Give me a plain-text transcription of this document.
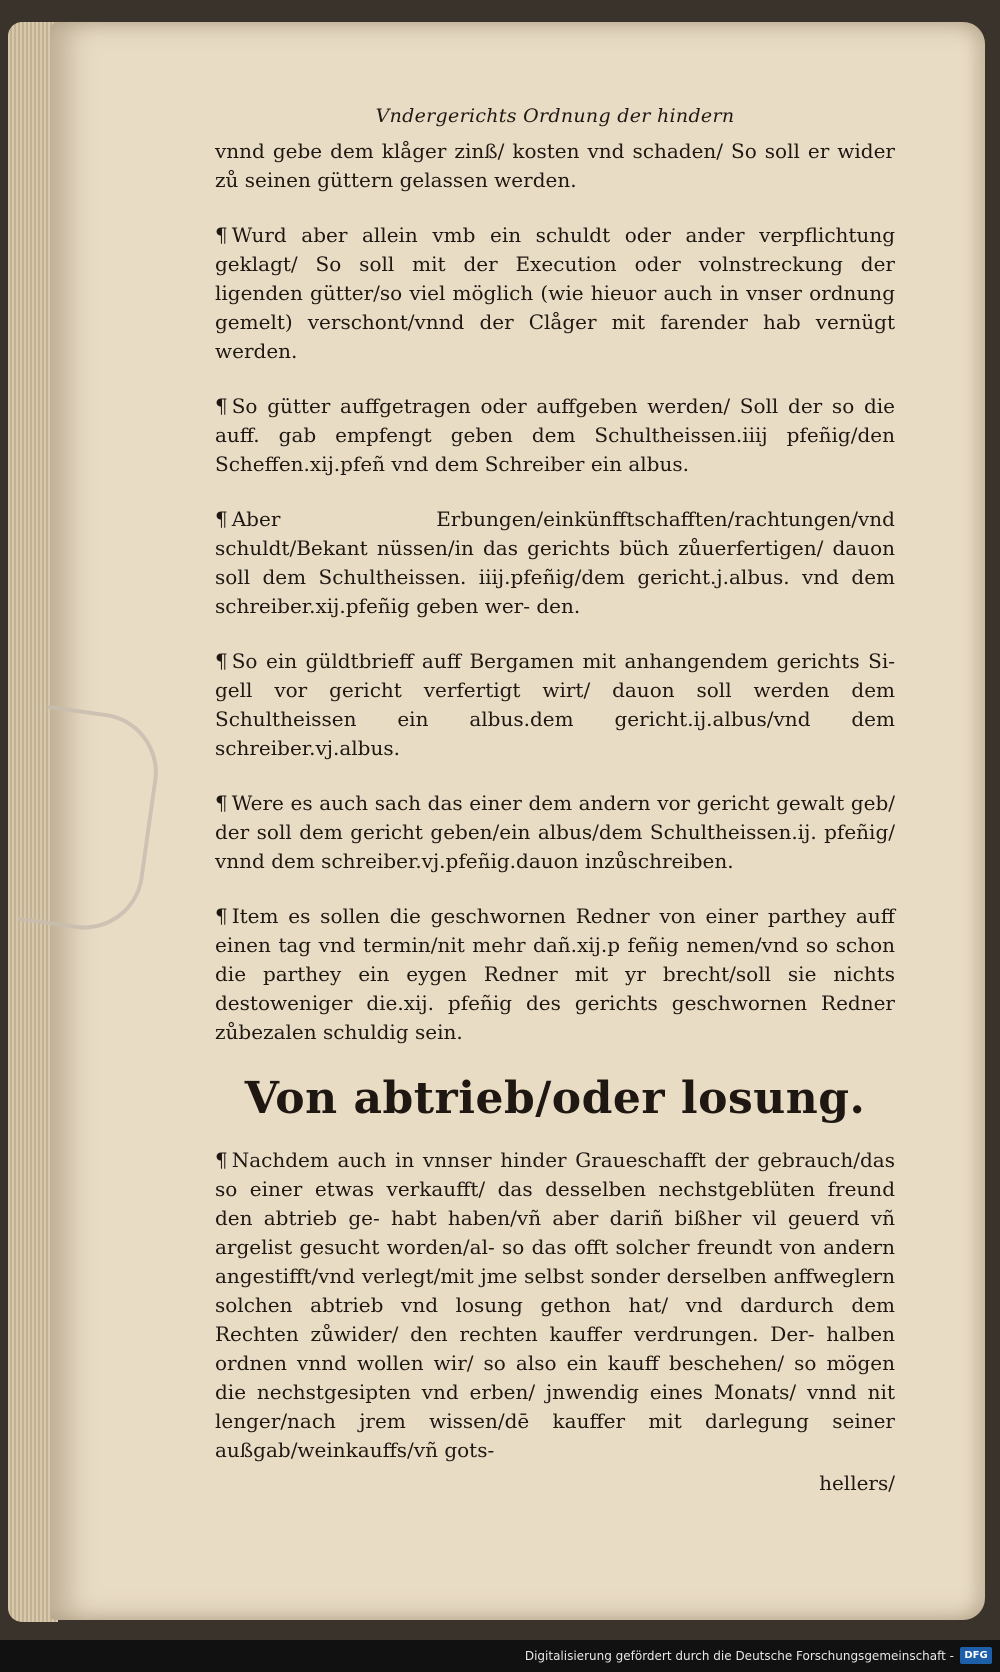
Vndergerichts Ordnung der hindern
vnnd gebe dem klåger zinß/ kosten vnd schaden/ So soll er wider zů seinen güttern gelassen werden.
¶ Wurd aber allein vmb ein schuldt oder ander verpflichtung geklagt/ So soll mit der Execution oder volnstreckung der ligenden gütter/so viel möglich (wie hieuor auch in vnser ordnung gemelt) verschont/vnnd der Clåger mit farender hab vernügt werden.
¶ So gütter auffgetragen oder auffgeben werden/ Soll der so die auff. gab empfengt geben dem Schultheissen.iiij pfeñig/den Scheffen.xij.pfeñ vnd dem Schreiber ein albus.
¶ Aber Erbungen/einkünfftschafften/rachtungen/vnd schuldt/Bekant nüssen/in das gerichts büch zůuerfertigen/ dauon soll dem Schultheissen. iiij.pfeñig/dem gericht.j.albus. vnd dem schreiber.xij.pfeñig geben wer- den.
¶ So ein güldtbrieff auff Bergamen mit anhangendem gerichts Si- gell vor gericht verfertigt wirt/ dauon soll werden dem Schultheissen ein albus.dem gericht.ij.albus/vnd dem schreiber.vj.albus.
¶ Were es auch sach das einer dem andern vor gericht gewalt geb/ der soll dem gericht geben/ein albus/dem Schultheissen.ij. pfeñig/ vnnd dem schreiber.vj.pfeñig.dauon inzůschreiben.
¶ Item es sollen die geschwornen Redner von einer parthey auff einen tag vnd termin/nit mehr dañ.xij.p feñig nemen/vnd so schon die parthey ein eygen Redner mit yr brecht/soll sie nichts destoweniger die.xij. pfeñig des gerichts geschwornen Redner zůbezalen schuldig sein.
Von abtrieb/oder losung.
¶ Nachdem auch in vnnser hinder Graueschafft der gebrauch/das so einer etwas verkaufft/ das desselben nechstgeblüten freund den abtrieb ge- habt haben/vñ aber dariñ bißher vil geuerd vñ argelist gesucht worden/al- so das offt solcher freundt von andern angestifft/vnd verlegt/mit jme selbst sonder derselben anffweglern solchen abtrieb vnd losung gethon hat/ vnd dardurch dem Rechten zůwider/ den rechten kauffer verdrungen. Der- halben ordnen vnnd wollen wir/ so also ein kauff beschehen/ so mögen die nechstgesipten vnd erben/ jnwendig eines Monats/ vnnd nit lenger/nach jrem wissen/dē kauffer mit darlegung seiner außgab/weinkauffs/vñ gots-
hellers/
Digitalisierung gefördert durch die Deutsche Forschungsgemeinschaft -	DFG
